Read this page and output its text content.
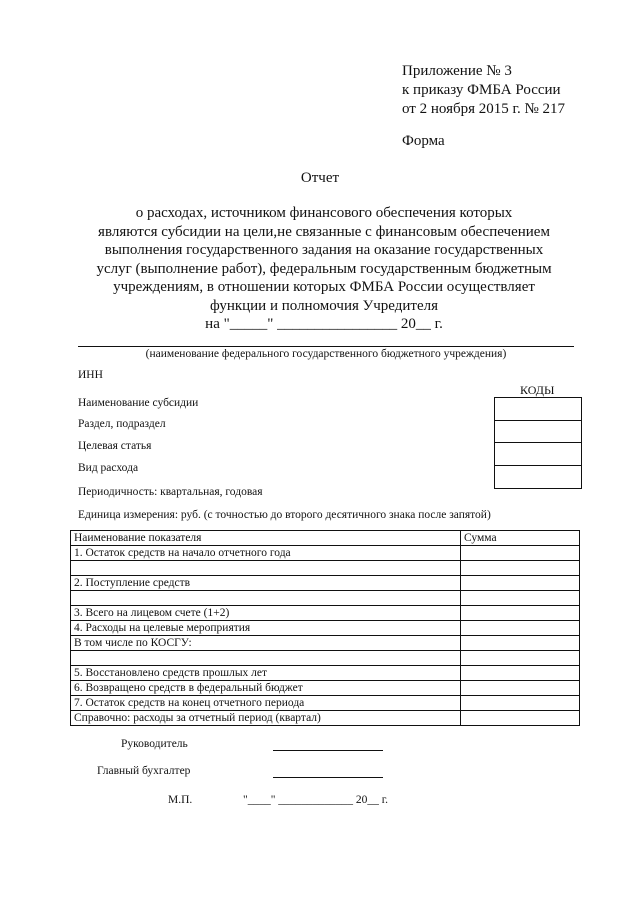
Приложение № 3
к приказу ФМБА России
от 2 ноября 2015 г. № 217
Форма
Отчет
о расходах, источником финансового обеспечения которых
являются субсидии на цели,не связанные с финансовым обеспечением
выполнения государственного задания на оказание государственных
услуг (выполнение работ), федеральным государственным бюджетным
учреждениям, в отношении которых ФМБА России осуществляет
функции и полномочия Учредителя
на "_____" ________________ 20__ г.
(наименование федерального государственного бюджетного учреждения)
ИНН
КОДЫ
Наименование субсидии
Раздел, подраздел
Целевая статья
Вид расхода
Периодичность: квартальная, годовая
Единица измерения: руб. (с точностью до второго десятичного знака после запятой)
Наименование показателя	Сумма
1. Остаток средств на начало отчетного года	

2. Поступление средств	

3. Всего на лицевом счете (1+2)	
4. Расходы на целевые мероприятия	
В том числе по КОСГУ:	

5. Восстановлено средств прошлых лет	
6. Возвращено средств в федеральный бюджет	
7. Остаток средств на конец отчетного периода	
Справочно: расходы за отчетный период (квартал)	
Руководитель
Главный бухгалтер
М.П.	"____" _____________ 20__ г.
